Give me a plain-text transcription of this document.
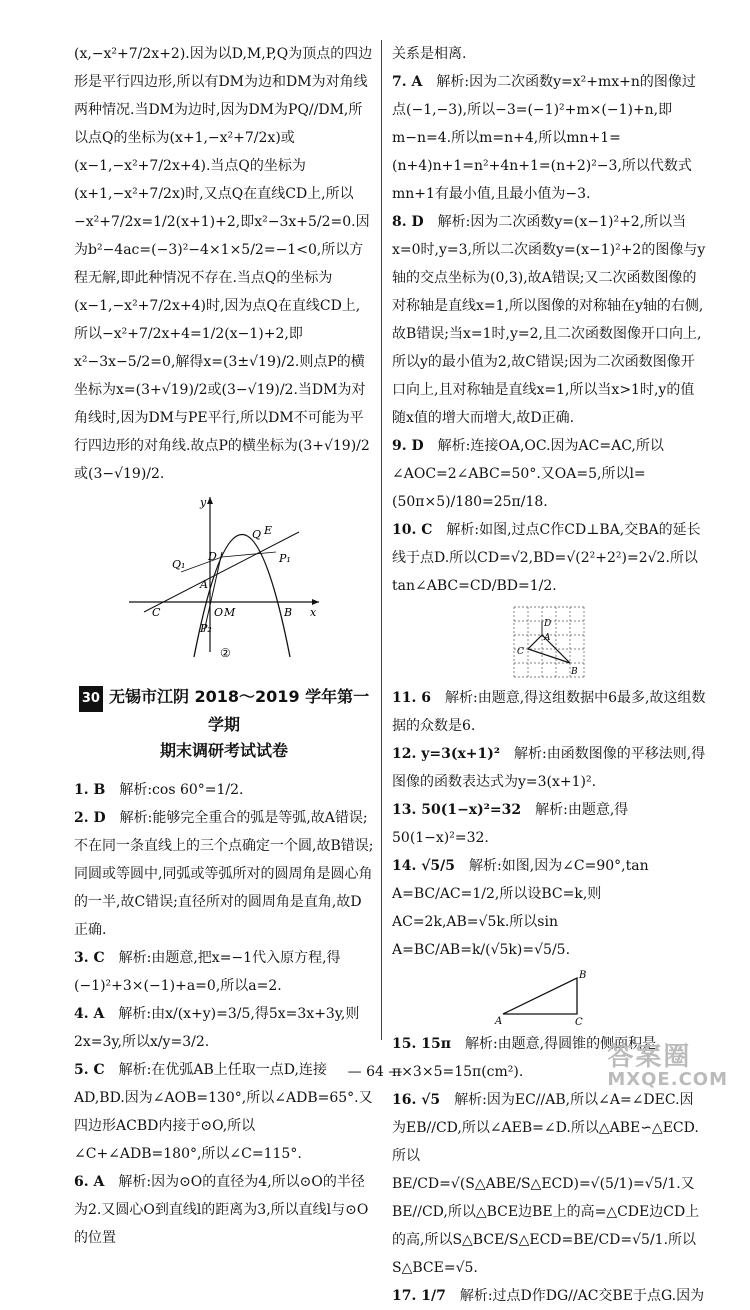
(x,−x²+7/2x+2).因为以D,M,P,Q为顶点的四边形是平行四边形,所以有DM为边和DM为对角线两种情况.当DM为边时,因为DM为PQ//DM,所以点Q的坐标为(x+1,−x²+7/2x)或(x−1,−x²+7/2x+4).当点Q的坐标为(x+1,−x²+7/2x)时,又点Q在直线CD上,所以−x²+7/2x=1/2(x+1)+2,即x²−3x+5/2=0.因为b²−4ac=(−3)²−4×1×5/2=−1<0,所以方程无解,即此种情况不存在.当点Q的坐标为(x−1,−x²+7/2x+4)时,因为点Q在直线CD上,所以−x²+7/2x+4=1/2(x−1)+2,即x²−3x−5/2=0,解得x=(3±√19)/2.则点P的横坐标为x=(3+√19)/2或(3−√19)/2.当DM为对角线时,因为DM与PE平行,所以DM不可能为平行四边形的对角线.故点P的横坐标为(3+√19)/2或(3−√19)/2.

y
x
D
E
Q
Q₁	P₁
A
P₂
C	O M	B
②
30 无锡市江阴 2018～2019 学年第一学期
期末调研考试试卷

1. B　 解析:cos 60°=1/2.

2. D　 解析:能够完全重合的弧是等弧,故A错误;不在同一条直线上的三个点确定一个圆,故B错误;同圆或等圆中,同弧或等弧所对的圆周角是圆心角的一半,故C错误;直径所对的圆周角是直角,故D正确.

3. C　 解析:由题意,把x=−1代入原方程,得(−1)²+3×(−1)+a=0,所以a=2.

4. A　 解析:由x/(x+y)=3/5,得5x=3x+3y,则2x=3y,所以x/y=3/2.

5. C　 解析:在优弧AB上任取一点D,连接AD,BD.因为∠AOB=130°,所以∠ADB=65°.又四边形ACBD内接于⊙O,所以∠C+∠ADB=180°,所以∠C=115°.

6. A　 解析:因为⊙O的直径为4,所以⊙O的半径为2.又圆心O到直线l的距离为3,所以直线l与⊙O的位置

关系是相离.

7. A　 解析:因为二次函数y=x²+mx+n的图像过点(−1,−3),所以−3=(−1)²+m×(−1)+n,即m−n=4.所以m=n+4,所以mn+1=(n+4)n+1=n²+4n+1=(n+2)²−3,所以代数式mn+1有最小值,且最小值为−3.

8. D　 解析:因为二次函数y=(x−1)²+2,所以当x=0时,y=3,所以二次函数y=(x−1)²+2的图像与y轴的交点坐标为(0,3),故A错误;又二次函数图像的对称轴是直线x=1,所以图像的对称轴在y轴的右侧,故B错误;当x=1时,y=2,且二次函数图像开口向上,所以y的最小值为2,故C错误;因为二次函数图像开口向上,且对称轴是直线x=1,所以当x>1时,y的值随x值的增大而增大,故D正确.

9. D　 解析:连接OA,OC.因为AC=AC,所以∠AOC=2∠ABC=50°.又OA=5,所以l=(50π×5)/180=25π/18.

10. C　 解析:如图,过点C作CD⊥BA,交BA的延长线于点D.所以CD=√2,BD=√(2²+2²)=2√2.所以tan∠ABC=CD/BD=1/2.

D
A
C
B

11. 6　 解析:由题意,得这组数据中6最多,故这组数据的众数是6.

12. y=3(x+1)²　 解析:由函数图像的平移法则,得图像的函数表达式为y=3(x+1)².

13. 50(1−x)²=32　 解析:由题意,得50(1−x)²=32.

14. √5/5　 解析:如图,因为∠C=90°,tan A=BC/AC=1/2,所以设BC=k,则AC=2k,AB=√5k.所以sin A=BC/AB=k/(√5k)=√5/5.

A	C
B

15. 15π　 解析:由题意,得圆锥的侧面积是π×3×5=15π(cm²).

16. √5　 解析:因为EC//AB,所以∠A=∠DEC.因为EB//CD,所以∠AEB=∠D.所以△ABE∽△ECD.所以BE/CD=√(S△ABE/S△ECD)=√(5/1)=√5/1.又BE//CD,所以△BCE边BE上的高=△CDE边CD上的高,所以S△BCE/S△ECD=BE/CD=√5/1.所以S△BCE=√5.

17. 1/7　 解析:过点D作DG//AC交BE于点G.因为

— 64 —	答案圈
MXQE.COM
